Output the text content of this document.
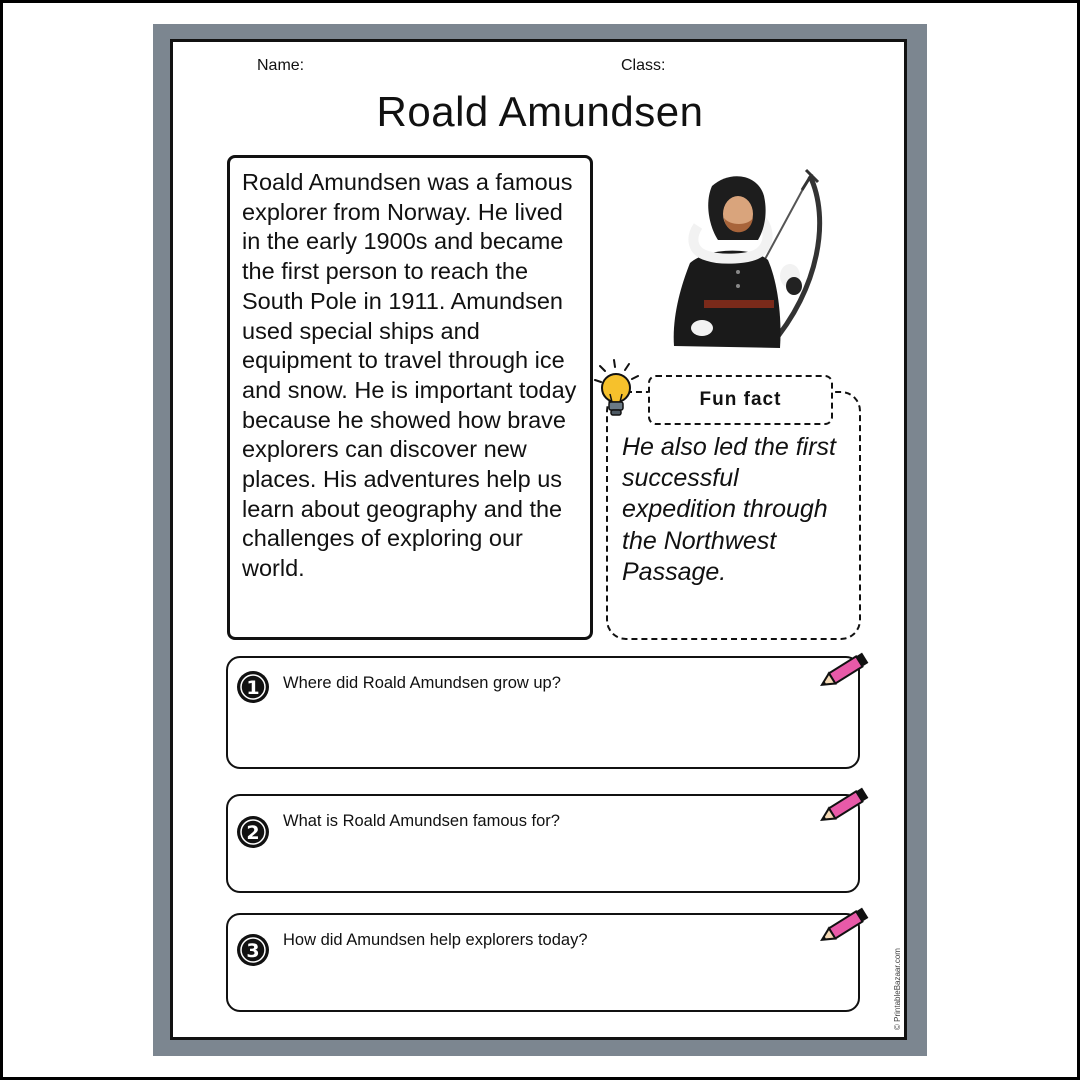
Name:	Class:
Roald Amundsen

Roald Amundsen was a famous explorer from Norway. He lived in the early 1900s and became the first person to reach the South Pole in 1911. Amundsen used special ships and equipment to travel through ice and snow. He is important today because he showed how brave explorers can discover new places. His adventures help us learn about geography and the challenges of exploring our world.

Fun fact

He also led the first successful expedition through the Northwest Passage.

1 Where did Roald Amundsen grow up?
2
What is Roald Amundsen famous for?
3 How did Amundsen help explorers today?
© PrintableBazaar.com
